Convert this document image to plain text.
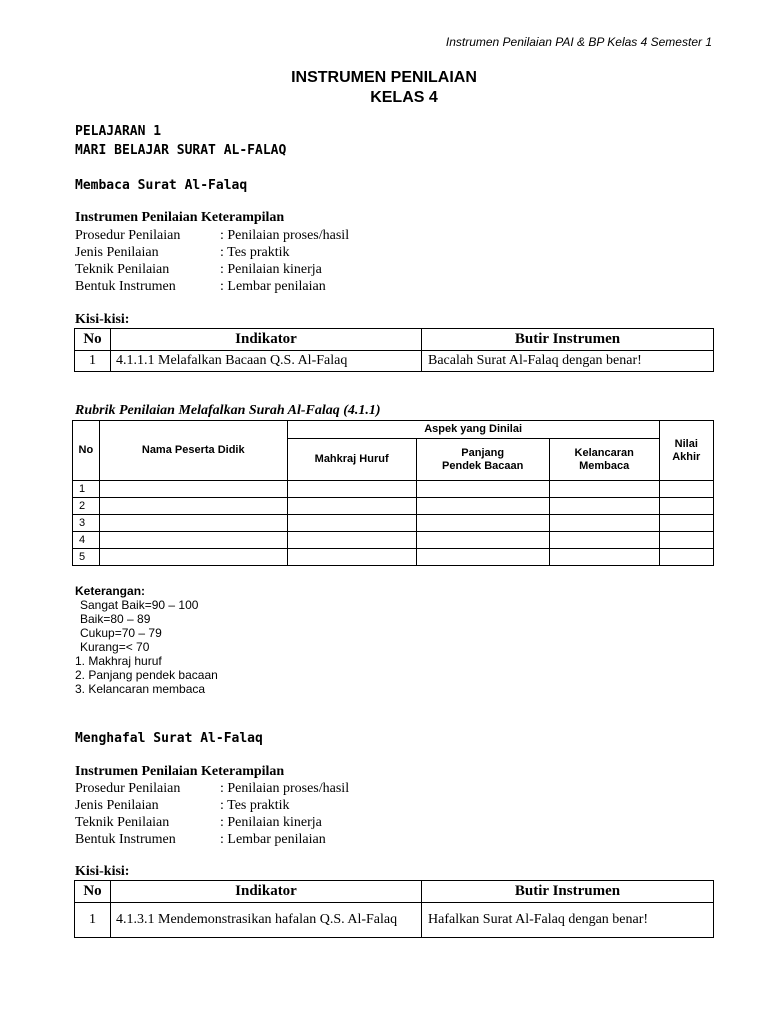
Instrumen Penilaian PAI & BP Kelas 4 Semester 1
INSTRUMEN PENILAIAN
KELAS 4
PELAJARAN 1
MARI BELAJAR SURAT AL-FALAQ
Membaca Surat Al-Falaq
Instrumen Penilaian Keterampilan
Prosedur Penilaian	: Penilaian proses/hasil
Jenis Penilaian	: Tes praktik
Teknik Penilaian	: Penilaian kinerja
Bentuk Instrumen	: Lembar penilaian
Kisi-kisi:
No	Indikator	Butir Instrumen
1	4.1.1.1 Melafalkan Bacaan Q.S. Al-Falaq	Bacalah Surat Al-Falaq dengan benar!
Rubrik Penilaian Melafalkan Surah Al-Falaq (4.1.1)
No	Nama Peserta Didik	Aspek yang Dinilai			Nilai Akhir
		Mahkraj Huruf	Panjang Pendek Bacaan	Kelancaran Membaca	
1					
2					
3					
4					
5					
Keterangan:
Sangat Baik=90 – 100
Baik=80 – 89
Cukup=70 – 79
Kurang=< 70
1. Makhraj huruf
2. Panjang pendek bacaan
3. Kelancaran membaca
Menghafal Surat Al-Falaq
Instrumen Penilaian Keterampilan
Prosedur Penilaian	: Penilaian proses/hasil
Jenis Penilaian	: Tes praktik
Teknik Penilaian	: Penilaian kinerja
Bentuk Instrumen	: Lembar penilaian
Kisi-kisi:
No	Indikator	Butir Instrumen
1	4.1.3.1 Mendemonstrasikan hafalan Q.S. Al-Falaq	Hafalkan Surat Al-Falaq dengan benar!
